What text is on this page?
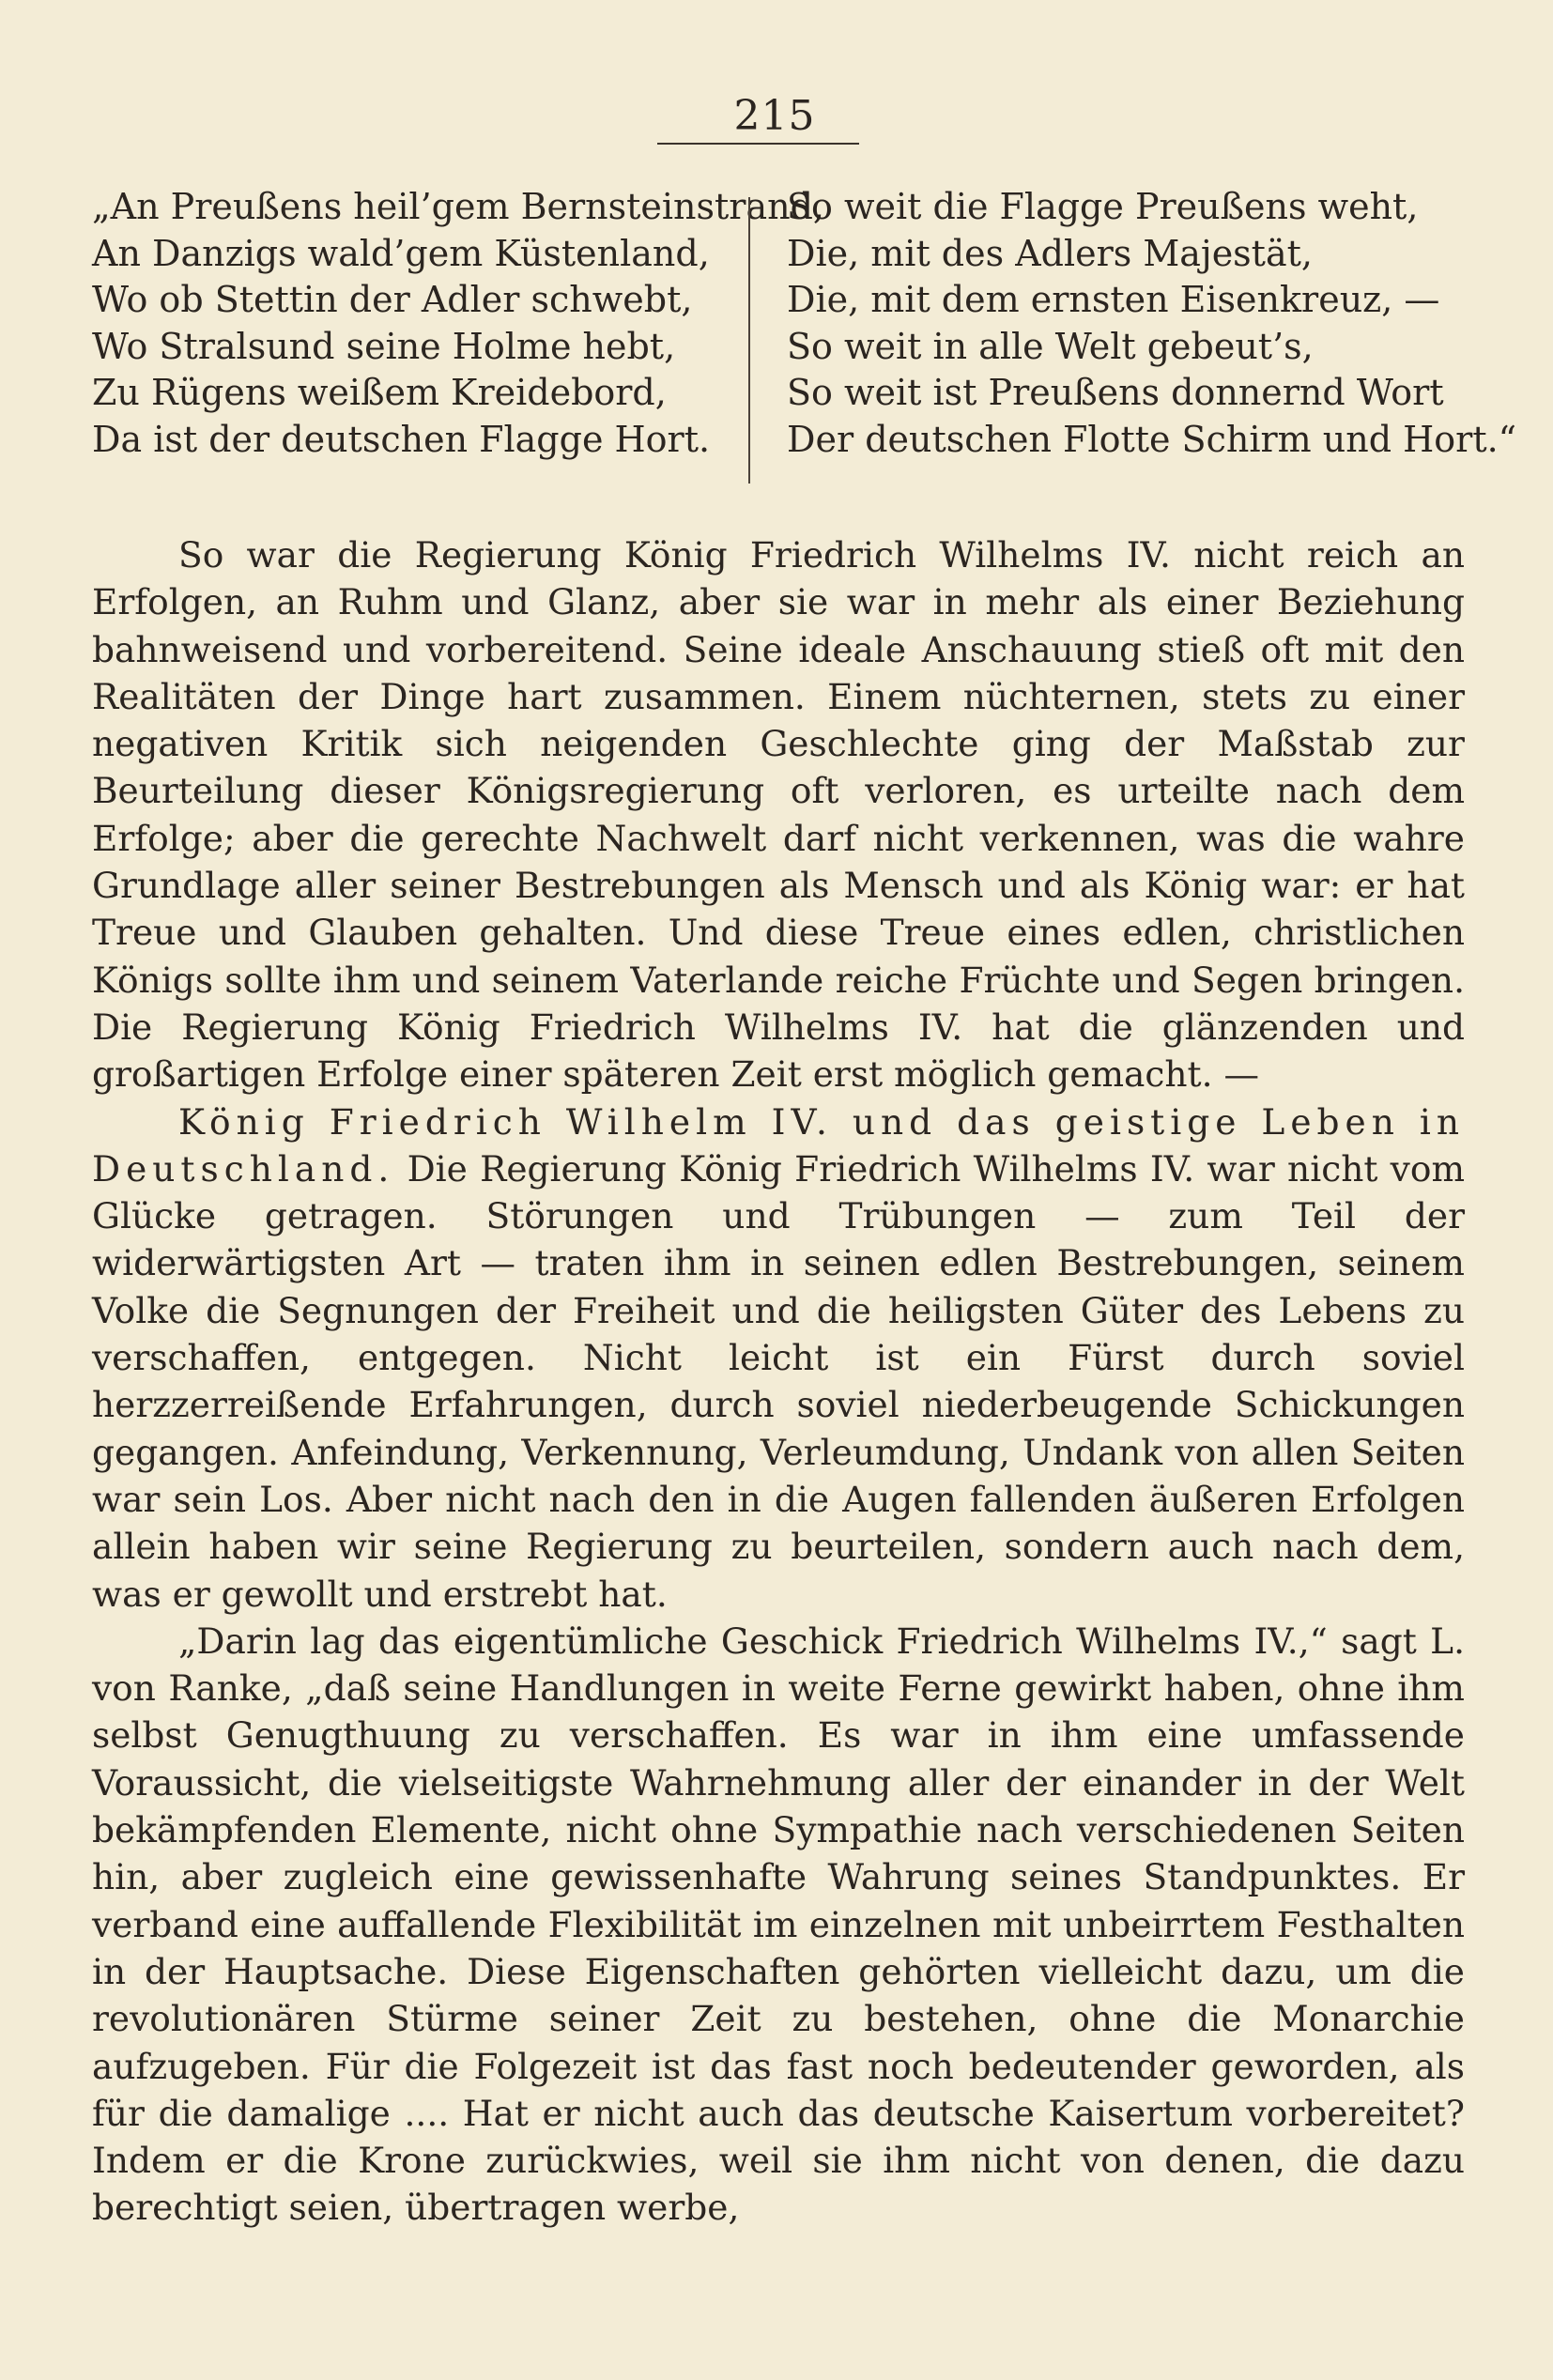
215
„An Preußens heil’gem Bernsteinstrand,
An Danzigs wald’gem Küstenland,
Wo ob Stettin der Adler schwebt,
Wo Stralsund seine Holme hebt,
Zu Rügens weißem Kreidebord,
Da ist der deutschen Flagge Hort.
So weit die Flagge Preußens weht,
Die, mit des Adlers Majestät,
Die, mit dem ernsten Eisenkreuz, —
So weit in alle Welt gebeut’s,
So weit ist Preußens donnernd Wort
Der deutschen Flotte Schirm und Hort.“

So war die Regierung König Friedrich Wilhelms IV. nicht reich an Erfolgen, an Ruhm und Glanz, aber sie war in mehr als einer Beziehung bahnweisend und vorbereitend. Seine ideale Anschauung stieß oft mit den Realitäten der Dinge hart zusammen. Einem nüchternen, stets zu einer negativen Kritik sich neigenden Geschlechte ging der Maßstab zur Beurteilung dieser Königsregierung oft verloren, es urteilte nach dem Erfolge; aber die gerechte Nachwelt darf nicht verkennen, was die wahre Grundlage aller seiner Bestrebungen als Mensch und als König war: er hat Treue und Glauben gehalten. Und diese Treue eines edlen, christlichen Königs sollte ihm und seinem Vaterlande reiche Früchte und Segen bringen. Die Regierung König Friedrich Wilhelms IV. hat die glänzenden und großartigen Erfolge einer späteren Zeit erst möglich gemacht. —

König Friedrich Wilhelm IV. und das geistige Leben in Deutschland. Die Regierung König Friedrich Wilhelms IV. war nicht vom Glücke getragen. Störungen und Trübungen — zum Teil der widerwärtigsten Art — traten ihm in seinen edlen Bestrebungen, seinem Volke die Segnungen der Freiheit und die heiligsten Güter des Lebens zu verschaffen, entgegen. Nicht leicht ist ein Fürst durch soviel herzzerreißende Erfahrungen, durch soviel niederbeugende Schickungen gegangen. Anfeindung, Verkennung, Verleumdung, Undank von allen Seiten war sein Los. Aber nicht nach den in die Augen fallenden äußeren Erfolgen allein haben wir seine Regierung zu beurteilen, sondern auch nach dem, was er gewollt und erstrebt hat.

„Darin lag das eigentümliche Geschick Friedrich Wilhelms IV.,“ sagt L. von Ranke, „daß seine Handlungen in weite Ferne gewirkt haben, ohne ihm selbst Genugthuung zu verschaffen. Es war in ihm eine umfassende Voraussicht, die vielseitigste Wahrnehmung aller der einander in der Welt bekämpfenden Elemente, nicht ohne Sympathie nach verschiedenen Seiten hin, aber zugleich eine gewissenhafte Wahrung seines Standpunktes. Er verband eine auffallende Flexibilität im einzelnen mit unbeirrtem Festhalten in der Hauptsache. Diese Eigenschaften gehörten vielleicht dazu, um die revolutionären Stürme seiner Zeit zu bestehen, ohne die Monarchie aufzugeben. Für die Folgezeit ist das fast noch bedeutender geworden, als für die damalige .... Hat er nicht auch das deutsche Kaisertum vorbereitet? Indem er die Krone zurückwies, weil sie ihm nicht von denen, die dazu berechtigt seien, übertragen werbe,
